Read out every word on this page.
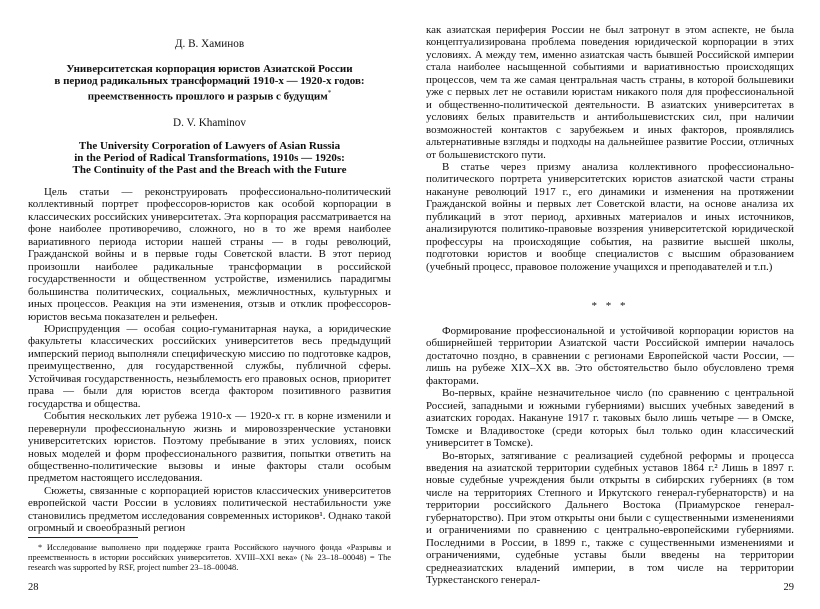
Д. В. Хаминов
Университетская корпорация юристов Азиатской России
в период радикальных трансформаций 1910-х — 1920-х годов:
преемственность прошлого и разрыв с будущим*
D. V. Khaminov
The University Corporation of Lawyers of Asian Russia
in the Period of Radical Transformations, 1910s — 1920s:
The Continuity of the Past and the Breach with the Future

Цель статьи — реконструировать профессионально-политический коллективный портрет профессоров-юристов как особой корпорации в классических российских университетах. Эта корпорация рассматривается на фоне наиболее противоречиво, сложного, но в то же время наиболее вариативного периода истории нашей страны — в годы революций, Гражданской войны и в первые годы Советской власти. В этот период произошли наиболее радикальные трансформации в российской государственности и общественном устройстве, изменились парадигмы большинства политических, социальных, межличностных, культурных и иных процессов. Реакция на эти изменения, отзыв и отклик профессоров-юристов весьма показателен и рельефен.

Юриспруденция — особая социо-гуманитарная наука, а юридические факультеты классических российских университетов весь предыдущий имперский период выполняли специфическую миссию по подготовке кадров, преимущественно, для государственной службы, публичной сферы. Устойчивая государственность, незыблемость его правовых основ, приоритет права — были для юристов всегда фактором позитивного развития государства и общества.

События нескольких лет рубежа 1910-х — 1920-х гг. в корне изменили и перевернули профессиональную жизнь и мировоззренческие установки университетских юристов. Поэтому пребывание в этих условиях, поиск новых моделей и форм профессионального развития, попытки ответить на общественно-политические вызовы и иные факторы стали особым предметом настоящего исследования.

Сюжеты, связанные с корпорацией юристов классических университетов европейской части России в условиях политической нестабильности уже становились предметом исследования современных историков¹. Однако такой огромный и своеобразный регион

* Исследование выполнено при поддержке гранта Российского научного фонда «Разрывы и преемственность в истории российских университетов. XVIII–XXI века» (№ 23–18–00048) = The research was supported by RSF, project number 23–18–00048.

28

как азиатская периферия России не был затронут в этом аспекте, не была концептуализирована проблема поведения юридической корпорации в этих условиях. А между тем, именно азиатская часть бывшей Российской империи стала наиболее насыщенной событиями и вариативностью происходящих процессов, чем та же самая центральная часть страны, в которой большевики уже с первых лет не оставили юристам никакого поля для профессиональной и общественно-политической деятельности. В азиатских университетах в условиях белых правительств и антибольшевистских сил, при наличии возможностей контактов с зарубежьем и иных факторов, проявлялись альтернативные взгляды и подходы на дальнейшее развитие России, отличных от большевистского пути.

В статье через призму анализа коллективного профессионально-политического портрета университетских юристов азиатской части страны накануне революций 1917 г., его динамики и изменения на протяжении Гражданской войны и первых лет Советской власти, на основе анализа их публикаций в этот период, архивных материалов и иных источников, анализируются политико-правовые воззрения университетской юридической профессуры на происходящие события, на развитие высшей школы, подготовки юристов и вообще специалистов с высшим образованием (учебный процесс, правовое положение учащихся и преподавателей и т.п.)

* * *

Формирование профессиональной и устойчивой корпорации юристов на обширнейшей территории Азиатской части Российской империи началось достаточно поздно, в сравнении с регионами Европейской части России, — лишь на рубеже XIX–XX вв. Это обстоятельство было обусловлено тремя факторами.

Во-первых, крайне незначительное число (по сравнению с центральной Россией, западными и южными губерниями) высших учебных заведений в азиатских городах. Накануне 1917 г. таковых было лишь четыре — в Омске, Томске и Владивостоке (среди которых был только один классический университет в Томске).

Во-вторых, затягивание с реализацией судебной реформы и процесса введения на азиатской территории судебных уставов 1864 г.² Лишь в 1897 г. новые судебные учреждения были открыты в сибирских губерниях (в том числе на территориях Степного и Иркутского генерал-губернаторств) и на территории российского Дальнего Востока (Приамурское генерал-губернаторство). При этом открыты они были с существенными изменениями и ограничениями по сравнению с центрально-европейскими губерниями. Последними в России, в 1899 г., также с существенными изменениями и ограничениями, судебные уставы были введены на территории среднеазиатских владений империи, в том числе на территории Туркестанского генерал-

29
